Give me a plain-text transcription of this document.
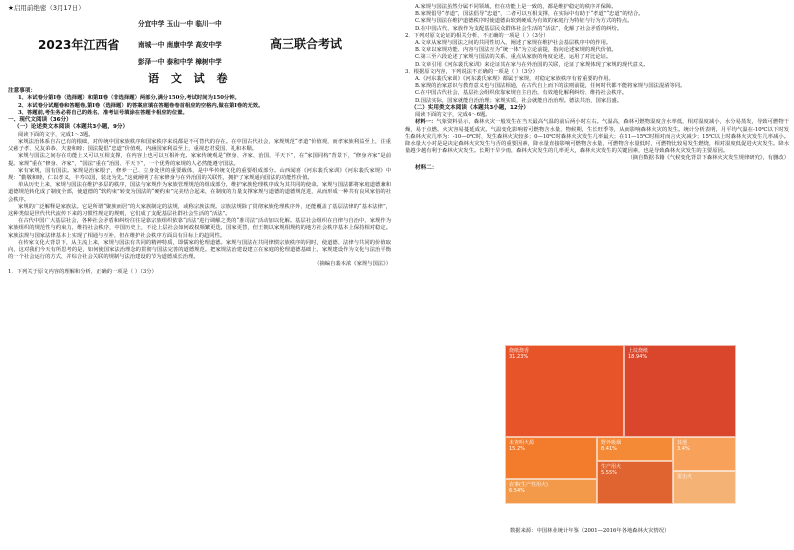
★启用前绝密（3月17日）
分宜中学 玉山一中 临川一中
2023年江西省	南城一中 南康中学 高安中学	高三联合考试
彭泽一中 泰和中学 樟树中学
语 文 试 卷

注意事项：

1、本试卷分第Ⅰ卷（选择题）和第Ⅱ卷（非选择题）两部分,满分150分,考试时间为150分钟。

2、本试卷分试题卷和答题卷,第Ⅰ卷（选择题）的答案应填在答题卷卷首相应的空格内,做在第Ⅰ卷的无效。

3、答题前,考生务必将自己的姓名、准考证号填涂在答题卡相应的位置。

一、现代文阅读（36分）

（一）论述类文本阅读（本题共3小题，9分）

阅读下面的文字，完成1～3题。

家规法治体系自古已有的根础，对传统中国家族秩序和国家秩序来说都是不可替代的存在。在中国古代社会，家规规范“孝道”价值观，而孝家族利益至上，注重父慈子孝、兄友弟恭、夫妻和睦；国法提倡“忠道”价值观，内涵国家利益至上，重视忠君爱国、礼和本顺。

家规与国法之间存在功能上又可以互相支撑，在内容上也可以互相补充。家家传统观是“修身、齐家、治国、平天下”，在“家国同构”背景下，“修身齐家”是前提。家规“重在”修身、齐家”，“国法”重在“治国、平天下”，一个优秀的家规的人必然能遵守国法。

家有家规，国有国法。家规是治家根子，修养一己、立身处世的重要载体，是中华传统文化的重要组成部分。山西闻喜《河东裴氏家训》《河东裴氏家规》中规：“勤敬和睦，仁以孝义，丰寿以国，装北为先。”这就阐明了在家修身与在外治国的关联性，拥护了家规通向国法的功能性价值。

单从历史上来，家规与国法在维护多层的秩序，国法与家规作为家族管理规范的组成部分，维护家族伦理秩序成为其共同的使命。家规与国法都将家庭道德兼和道德规范转化成了制度全部，使道德的“软约束”转变为国法的“硬约束”完美结合起来，在制度的力量支撑家规与道德的道德规范进，从而形成一种共有良风家俗的社会秩序。

家规的广泛解释是家族法。它是所谓“聚族而居”的大家族制定的法规，或称宗族法规。宗族法规除了贯彻家族伦理秩序外，还能覆盖了基层法律的“基本法律”，这种类似是世代代代流传下来的习惯性规定的规则，它们成了支配基层社群社会生活的“活法”。

在古代中国广大基层社会，各种社会矛盾和纠纷往往是靠宗族组织依靠“活法”进行调解之类的“准司法”活动加以化解。基层社会组织在自律与自治中，家规作为家族组织的规范性与约束力，维持社会秩序，中国历史上，不论上层社会如何政权频繁更迭，国家更替，但王朝以家规相规约的地方社会秩序基本上保持相对稳定。家族法规与国家法律基本上实现了相通与互补，但在维护社会秩序方面具有目标上的趋同性。

在传家文化大背景下，从主流上来，家规与国法有共同的精神特质，即儒家的伦理道德。家规与国法在共同律惯宗族秩序的同时，使道德、法律与共同的价值取向，这对我们今天有所思考的是，如何使国家法治理念的贯彻与国法完善的道德规范。把家规法治建设建立在家庭的伦理道德基础上，家规建设作为文化与法治平衡的一个社会运行的方式，并综合社会关联的规制与法治建设的节为道德成长治理。

（摘编自裴本浓《家规与国法》）

1．下列关于原文内容的理解和分析，正确的一项是（ ）（3分）

A.家规与国法虽然分属不同领域，但在功能上是一致的，都是维护稳定的秩序并保障。

B.家规倡导“孝道”，国法倡导“忠道”，二者可以互相支撑，在实际中有助于“孝道”“忠道”的结合。

C.家规与国法在维护道德秩序时使道德由软到硬成为有效的家庭行为特征与行为方式的特点。

D.在中国古代，家族作为支配基层民众群体社会生活的“活法”，化解了社会矛盾的纠纷。

2．下列对原文论证的相关分析，不正确的一项是（ ）（3分）

A.文章从家规与国法之间的共同性切入，阐述了家规在维护社会基层秩序中的作用。

B.文章以家规功能、内容与国法互为“统一体”为立论前提，指向论述家规的现代价值。

C.第三至六段论述了家规与国法的关系，重点从家族的角度论述，运用了对比论证。

D.文章引用《河东裴氏家训》来论证其在家与在外治国的关联，论证了家规体现了家规的现代意义。

3．根据原文内容，下列说法不正确的一项是（ ）（3分）

A.《河东裴氏家训》《河东裴氏家规》都属于家规，对稳定家族秩序有着重要的作用。

B.家规的治家意识与教育意义也与国法相通，在古代自上而下的法则前提，任何时代都不能将家规与国法混淆等同。

C.在中国古代社会，基层社会组织依靠家规自主自治，有效地化解利纠纷、维持社会秩序。

D.国法实际，国家就能自治治理；家规实质，社会就能自治治理。德法共治，国家昌盛。

（二）实用类文本阅读（本题共3小题，12分）

阅读下面的文字，完成4～6题。

材料一：气象资料显示，森林火灾一般发生在当天最高气温的前后两小时左右。气温高，森林可燃物湿度含水率低，相对湿度减小，水分易蒸发，导致可燃物干燥，易于点燃。火灾容易蔓延成灾。气温变化影响着可燃物含水量，物候期，生长旺季等，从而影响森林火灾的发生。统计分析表明，月平均气温在-10℃以下时发生森林火灾几率为：-10—0℃时，发生森林火灾较多；0—10℃时森林火灾发生几率最大；在11—15℃时相对而言火灾减少；15℃以上时森林火灾发生几率减小。降水量大小对是是决定森林火灾发生与否的重要因素，降水量直接影响可燃物含水量，可燃物含水量低时，可燃物比较易发生燃烧，相对湿度低促进火灾发生。降水量越少越有利于森林火灾发生。长期干旱少雨，森林火灾发生的几率更大，森林火灾发生的关键因素，也是导致森林火灾发生的主要原因。

（摘自数据书籍《气候变化背景下森林火灾发生规律研究》，有删改）

材料二：

烧纸烧香
31.23%
上坟烧纸
18.94%
未查明火源
15.2%
野外吸烟
8.41%
其他
3.4%
生产用火
5.55%
农事(生产性用火)
6.54%
雷击火
数据来源：中国林业统计年鉴（2001—2016年各地森林火灾情况）
